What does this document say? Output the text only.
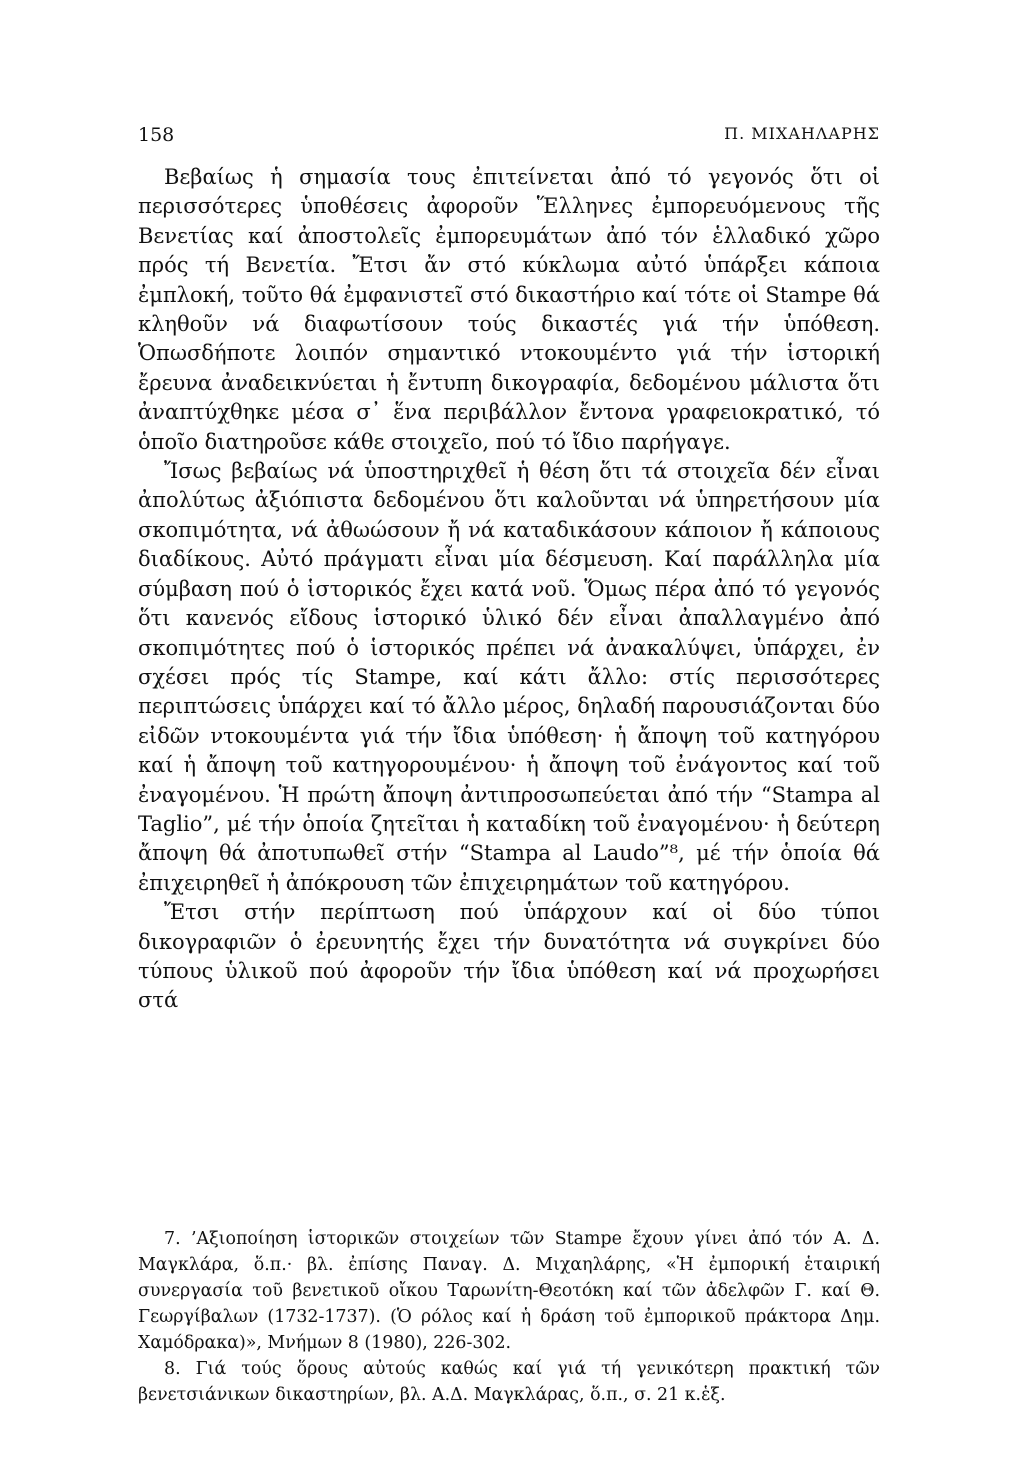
158	Π. ΜΙΧΑΗΛΑΡΗΣ

Βεβαίως ἡ σημασία τους ἐπιτείνεται ἀπό τό γεγονός ὅτι οἱ περισσότερες ὑποθέσεις ἀφοροῦν Ἕλληνες ἐμπορευόμενους τῆς Βενετίας καί ἀποστολεῖς ἐμπορευμάτων ἀπό τόν ἑλλαδικό χῶρο πρός τή Βενετία. Ἔτσι ἄν στό κύκλωμα αὐτό ὑπάρξει κάποια ἐμπλοκή, τοῦτο θά ἐμφανιστεῖ στό δικαστήριο καί τότε οἱ Stampe θά κληθοῦν νά διαφωτίσουν τούς δικαστές γιά τήν ὑπόθεση. Ὁπωσδήποτε λοιπόν σημαντικό ντοκουμέντο γιά τήν ἱστορική ἔρευνα ἀναδεικνύεται ἡ ἔντυπη δικογραφία, δεδομένου μάλιστα ὅτι ἀναπτύχθηκε μέσα σ᾽ ἕνα περιβάλλον ἔντονα γραφειοκρατικό, τό ὁποῖο διατηροῦσε κάθε στοιχεῖο, πού τό ἴδιο παρήγαγε.

Ἴσως βεβαίως νά ὑποστηριχθεῖ ἡ θέση ὅτι τά στοιχεῖα δέν εἶναι ἀπολύτως ἀξιόπιστα δεδομένου ὅτι καλοῦνται νά ὑπηρετήσουν μία σκοπιμότητα, νά ἀθωώσουν ἤ νά καταδικάσουν κάποιον ἤ κάποιους διαδίκους. Αὐτό πράγματι εἶναι μία δέσμευση. Καί παράλληλα μία σύμβαση πού ὁ ἱστορικός ἔχει κατά νοῦ. Ὅμως πέρα ἀπό τό γεγονός ὅτι κανενός εἴδους ἱστορικό ὑλικό δέν εἶναι ἀπαλλαγμένο ἀπό σκοπιμότητες πού ὁ ἱστορικός πρέπει νά ἀνακαλύψει, ὑπάρχει, ἐν σχέσει πρός τίς Stampe, καί κάτι ἄλλο: στίς περισσότερες περιπτώσεις ὑπάρχει καί τό ἄλλο μέρος, δηλαδή παρουσιάζονται δύο εἰδῶν ντοκουμέντα γιά τήν ἴδια ὑπόθεση· ἡ ἄποψη τοῦ κατηγόρου καί ἡ ἄποψη τοῦ κατηγορουμένου· ἡ ἄποψη τοῦ ἐνάγοντος καί τοῦ ἐναγομένου. Ἡ πρώτη ἄποψη ἀντιπροσωπεύεται ἀπό τήν “Stampa al Taglio”, μέ τήν ὁποία ζητεῖται ἡ καταδίκη τοῦ ἐναγομένου· ἡ δεύτερη ἄποψη θά ἀποτυπωθεῖ στήν “Stampa al Laudo”⁸, μέ τήν ὁποία θά ἐπιχειρηθεῖ ἡ ἀπόκρουση τῶν ἐπιχειρημάτων τοῦ κατηγόρου.

Ἔτσι στήν περίπτωση πού ὑπάρχουν καί οἱ δύο τύποι δικογραφιῶν ὁ ἐρευνητής ἔχει τήν δυνατότητα νά συγκρίνει δύο τύπους ὑλικοῦ πού ἀφοροῦν τήν ἴδια ὑπόθεση καί νά προχωρήσει στά

7. ’Αξιοποίηση ἱστορικῶν στοιχείων τῶν Stampe ἔχουν γίνει ἀπό τόν Α. Δ. Μαγκλάρα, ὅ.π.· βλ. ἐπίσης Παναγ. Δ. Μιχαηλάρης, «Ἡ ἐμπορική ἑταιρική συνεργασία τοῦ βενετικοῦ οἴκου Ταρωνίτη-Θεοτόκη καί τῶν ἀδελφῶν Γ. καί Θ. Γεωργίβαλων (1732-1737). (Ὁ ρόλος καί ἡ δράση τοῦ ἐμπορικοῦ πράκτορα Δημ. Χαμόδρακα)», Μνήμων 8 (1980), 226-302.

8. Γιά τούς ὅρους αὐτούς καθώς καί γιά τή γενικότερη πρακτική τῶν βενετσιάνικων δικαστηρίων, βλ. Α.Δ. Μαγκλάρας, ὅ.π., σ. 21 κ.ἑξ.
